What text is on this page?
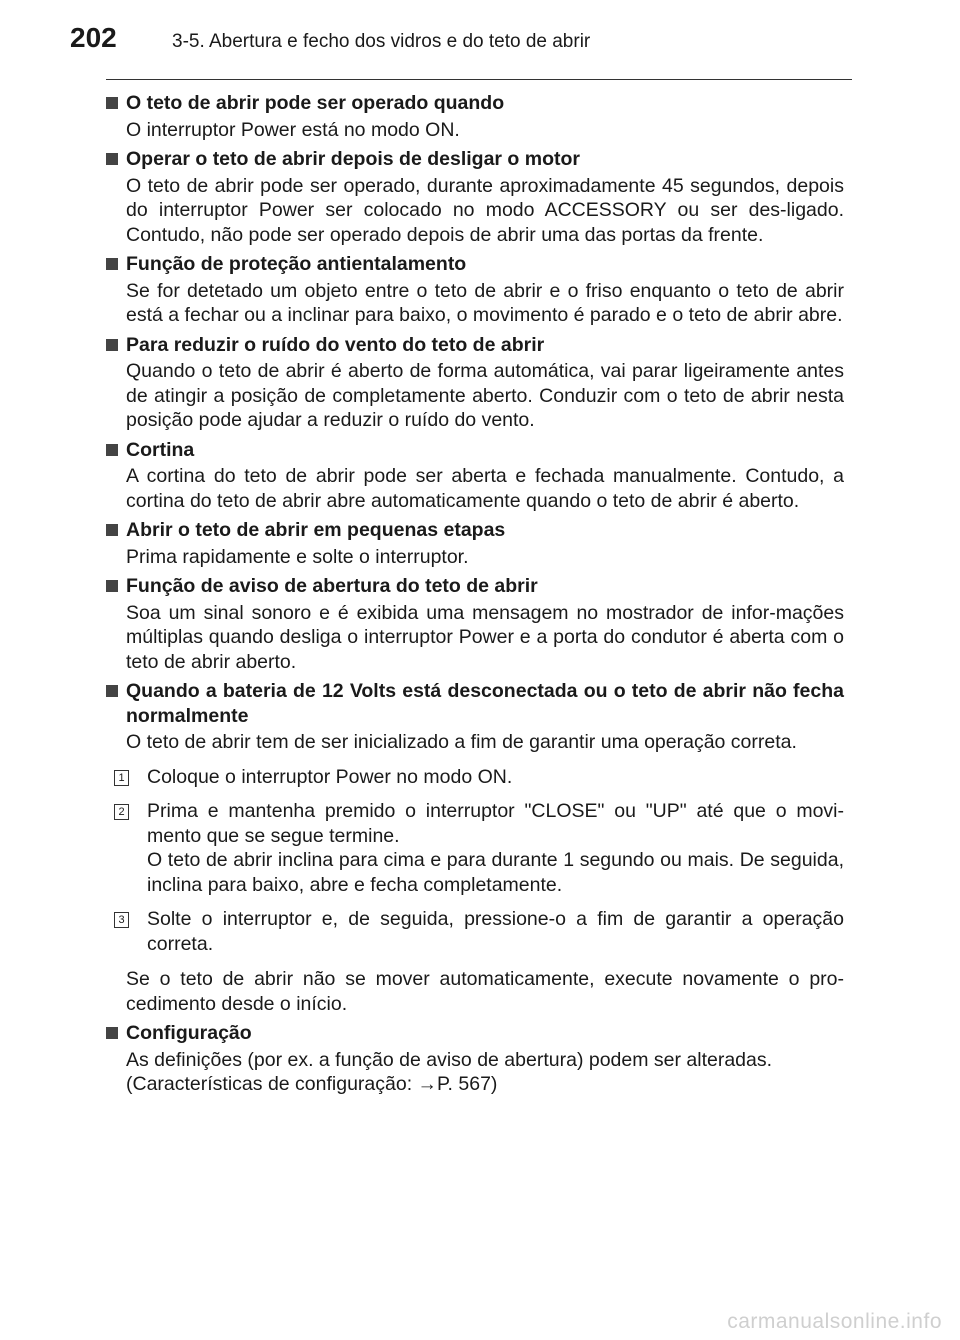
202	3-5. Abertura e fecho dos vidros e do teto de abrir
O teto de abrir pode ser operado quando
O interruptor Power está no modo ON.
Operar o teto de abrir depois de desligar o motor
O teto de abrir pode ser operado, durante aproximadamente 45 segundos, depois do interruptor Power ser colocado no modo ACCESSORY ou ser des-ligado. Contudo, não pode ser operado depois de abrir uma das portas da frente.
Função de proteção antientalamento
Se for detetado um objeto entre o teto de abrir e o friso enquanto o teto de abrir está a fechar ou a inclinar para baixo, o movimento é parado e o teto de abrir abre.
Para reduzir o ruído do vento do teto de abrir
Quando o teto de abrir é aberto de forma automática, vai parar ligeiramente antes de atingir a posição de completamente aberto. Conduzir com o teto de abrir nesta posição pode ajudar a reduzir o ruído do vento.
Cortina
A cortina do teto de abrir pode ser aberta e fechada manualmente. Contudo, a cortina do teto de abrir abre automaticamente quando o teto de abrir é aberto.
Abrir o teto de abrir em pequenas etapas
Prima rapidamente e solte o interruptor.
Função de aviso de abertura do teto de abrir
Soa um sinal sonoro e é exibida uma mensagem no mostrador de infor-mações múltiplas quando desliga o interruptor Power e a porta do condutor é aberta com o teto de abrir aberto.
Quando a bateria de 12 Volts está desconectada ou o teto de abrir não fecha normalmente
O teto de abrir tem de ser inicializado a fim de garantir uma operação correta.
1 Coloque o interruptor Power no modo ON.
2 Prima e mantenha premido o interruptor "CLOSE" ou "UP" até que o movi-mento que se segue termine.
O teto de abrir inclina para cima e para durante 1 segundo ou mais. De seguida, inclina para baixo, abre e fecha completamente.
3 Solte o interruptor e, de seguida, pressione-o a fim de garantir a operação correta.
Se o teto de abrir não se mover automaticamente, execute novamente o pro-cedimento desde o início.
Configuração
As definições (por ex. a função de aviso de abertura) podem ser alteradas.
(Características de configuração: →P. 567)
carmanualsonline.info
